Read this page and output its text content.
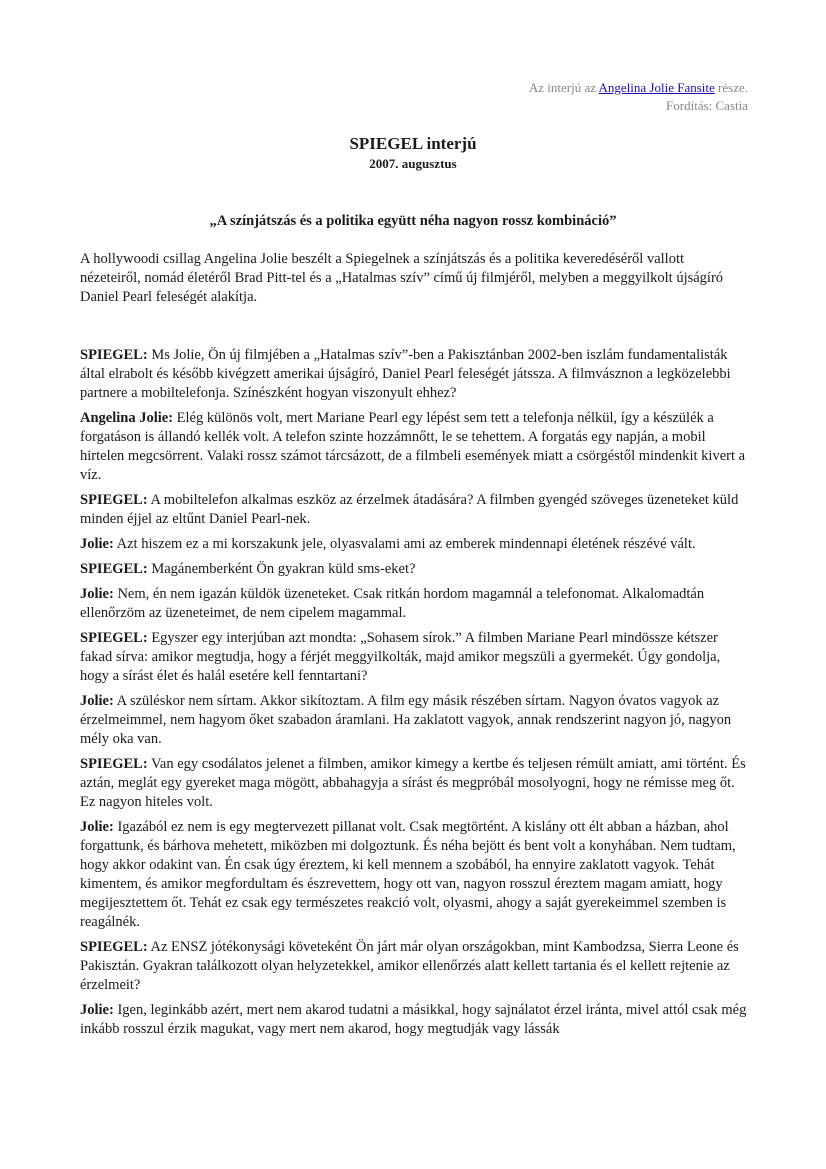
Az interjú az Angelina Jolie Fansite része.
Fordítás: Castia
SPIEGEL interjú
2007. augusztus
„A színjátszás és a politika együtt néha nagyon rossz kombináció”
A hollywoodi csillag Angelina Jolie beszélt a Spiegelnek a színjátszás és a politika keveredéséről vallott nézeteiről, nomád életéről Brad Pitt-tel és a „Hatalmas szív” című új filmjéről, melyben a meggyilkolt újságíró Daniel Pearl feleségét alakítja.

SPIEGEL: Ms Jolie, Ön új filmjében a „Hatalmas szív”-ben a Pakisztánban 2002-ben iszlám fundamentalisták által elrabolt és később kivégzett amerikai újságíró, Daniel Pearl feleségét játssza. A filmvásznon a legközelebbi partnere a mobiltelefonja. Színészként hogyan viszonyult ehhez?

Angelina Jolie: Elég különös volt, mert Mariane Pearl egy lépést sem tett a telefonja nélkül, így a készülék a forgatáson is állandó kellék volt. A telefon szinte hozzámnőtt, le se tehettem. A forgatás egy napján, a mobil hirtelen megcsörrent. Valaki rossz számot tárcsázott, de a filmbeli események miatt a csörgéstől mindenkit kivert a víz.

SPIEGEL: A mobiltelefon alkalmas eszköz az érzelmek átadására? A filmben gyengéd szöveges üzeneteket küld minden éjjel az eltűnt Daniel Pearl-nek.

Jolie: Azt hiszem ez a mi korszakunk jele, olyasvalami ami az emberek mindennapi életének részévé vált.

SPIEGEL: Magánemberként Ön gyakran küld sms-eket?

Jolie: Nem, én nem igazán küldök üzeneteket. Csak ritkán hordom magamnál a telefonomat. Alkalomadtán ellenőrzöm az üzeneteimet, de nem cipelem magammal.

SPIEGEL: Egyszer egy interjúban azt mondta: „Sohasem sírok.” A filmben Mariane Pearl mindössze kétszer fakad sírva: amikor megtudja, hogy a férjét meggyilkolták, majd amikor megszüli a gyermekét. Úgy gondolja, hogy a sírást élet és halál esetére kell fenntartani?

Jolie: A szüléskor nem sírtam. Akkor sikítoztam. A film egy másik részében sírtam. Nagyon óvatos vagyok az érzelmeimmel, nem hagyom őket szabadon áramlani. Ha zaklatott vagyok, annak rendszerint nagyon jó, nagyon mély oka van.

SPIEGEL: Van egy csodálatos jelenet a filmben, amikor kimegy a kertbe és teljesen rémült amiatt, ami történt. És aztán, meglát egy gyereket maga mögött, abbahagyja a sírást és megpróbál mosolyogni, hogy ne rémisse meg őt. Ez nagyon hiteles volt.

Jolie: Igazából ez nem is egy megtervezett pillanat volt. Csak megtörtént. A kislány ott élt abban a házban, ahol forgattunk, és bárhova mehetett, miközben mi dolgoztunk. És néha bejött és bent volt a konyhában. Nem tudtam, hogy akkor odakint van. Én csak úgy éreztem, ki kell mennem a szobából, ha ennyire zaklatott vagyok. Tehát kimentem, és amikor megfordultam és észrevettem, hogy ott van, nagyon rosszul éreztem magam amiatt, hogy megijesztettem őt. Tehát ez csak egy természetes reakció volt, olyasmi, ahogy a saját gyerekeimmel szemben is reagálnék.

SPIEGEL: Az ENSZ jótékonysági követeként Ön járt már olyan országokban, mint Kambodzsa, Sierra Leone és Pakisztán. Gyakran találkozott olyan helyzetekkel, amikor ellenőrzés alatt kellett tartania és el kellett rejtenie az érzelmeit?

Jolie: Igen, leginkább azért, mert nem akarod tudatni a másikkal, hogy sajnálatot érzel iránta, mivel attól csak még inkább rosszul érzik magukat, vagy mert nem akarod, hogy megtudják vagy lássák
